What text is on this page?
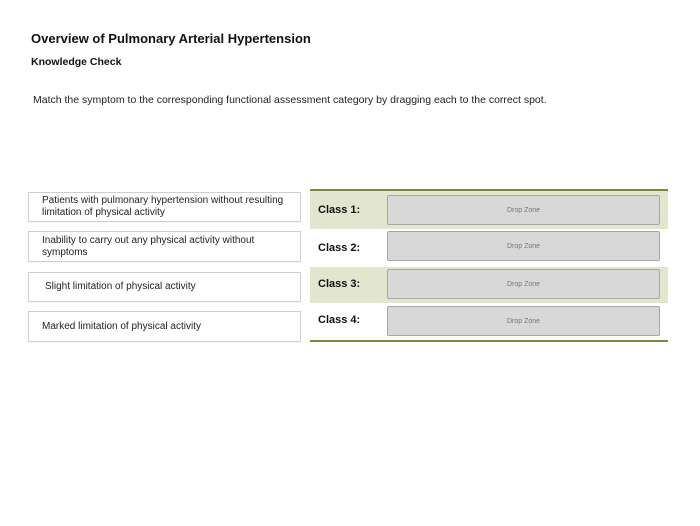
Overview of Pulmonary Arterial Hypertension
Knowledge Check
Match the symptom to the corresponding functional assessment category by dragging each to the correct spot.
Patients with pulmonary hypertension without resulting limitation of physical activity
Inability to carry out any physical activity without symptoms
Slight limitation of physical activity
Marked limitation of physical activity
Class 1:	Drop Zone
Class 2:	Drop Zone
Class 3:	Drop Zone
Class 4:	Drop Zone
